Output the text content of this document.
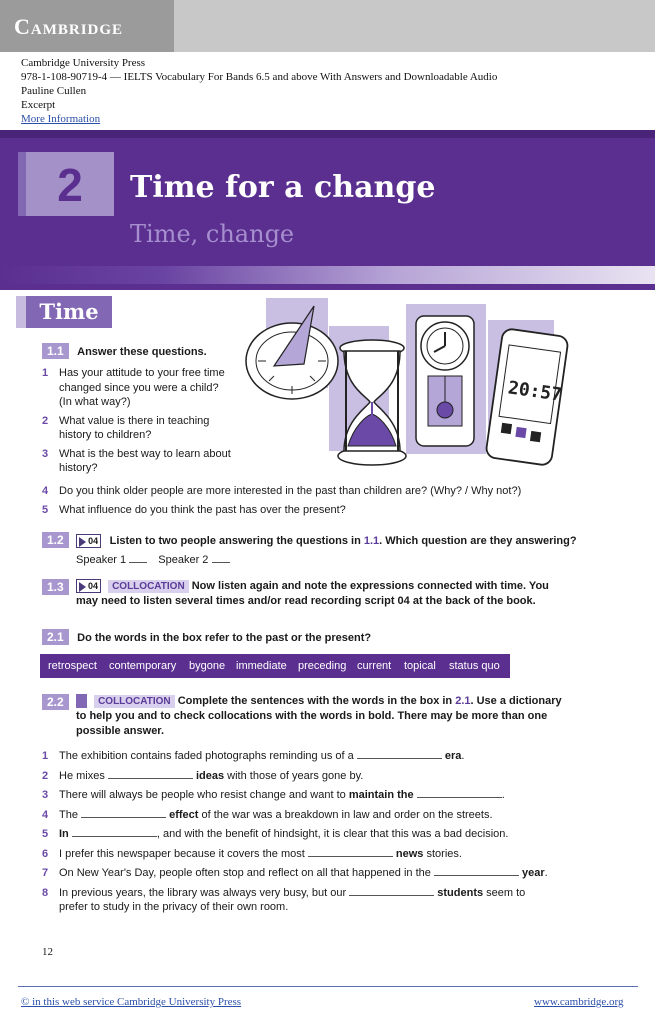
Cambridge
Cambridge University Press
978-1-108-90719-4 — IELTS Vocabulary For Bands 6.5 and above With Answers and Downloadable Audio
Pauline Cullen
Excerpt
More Information
2	Time for a change
Time, change
Time
20:57
1.1 Answer these questions.
1 Has your attitude to your free time changed since you were a child? (In what way?)
2 What value is there in teaching history to children?
3 What is the best way to learn about history?
4 Do you think older people are more interested in the past than children are? (Why? / Why not?)
5 What influence do you think the past has over the present?
1.2	04 Listen to two people answering the questions in 1.1. Which question are they answering?
Speaker 1	Speaker 2
1.3	04 COLLOCATION Now listen again and note the expressions connected with time. You may need to listen several times and/or read recording script 04 at the back of the book.
2.1 Do the words in the box refer to the past or the present?
retrospect contemporary bygone immediate preceding current topical status quo
2.2	COLLOCATION Complete the sentences with the words in the box in 2.1. Use a dictionary to help you and to check collocations with the words in bold. There may be more than one possible answer.
1 The exhibition contains faded photographs reminding us of a	era.
2 He mixes	ideas with those of years gone by.
3 There will always be people who resist change and want to maintain the	.
4 The	effect of the war was a breakdown in law and order on the streets.
5 In	, and with the benefit of hindsight, it is clear that this was a bad decision.
6 I prefer this newspaper because it covers the most	news stories.
7 On New Year's Day, people often stop and reflect on all that happened in the	year.
8 In previous years, the library was always very busy, but our	students seem to prefer to study in the privacy of their own room.
12
© in this web service Cambridge University Press	www.cambridge.org
